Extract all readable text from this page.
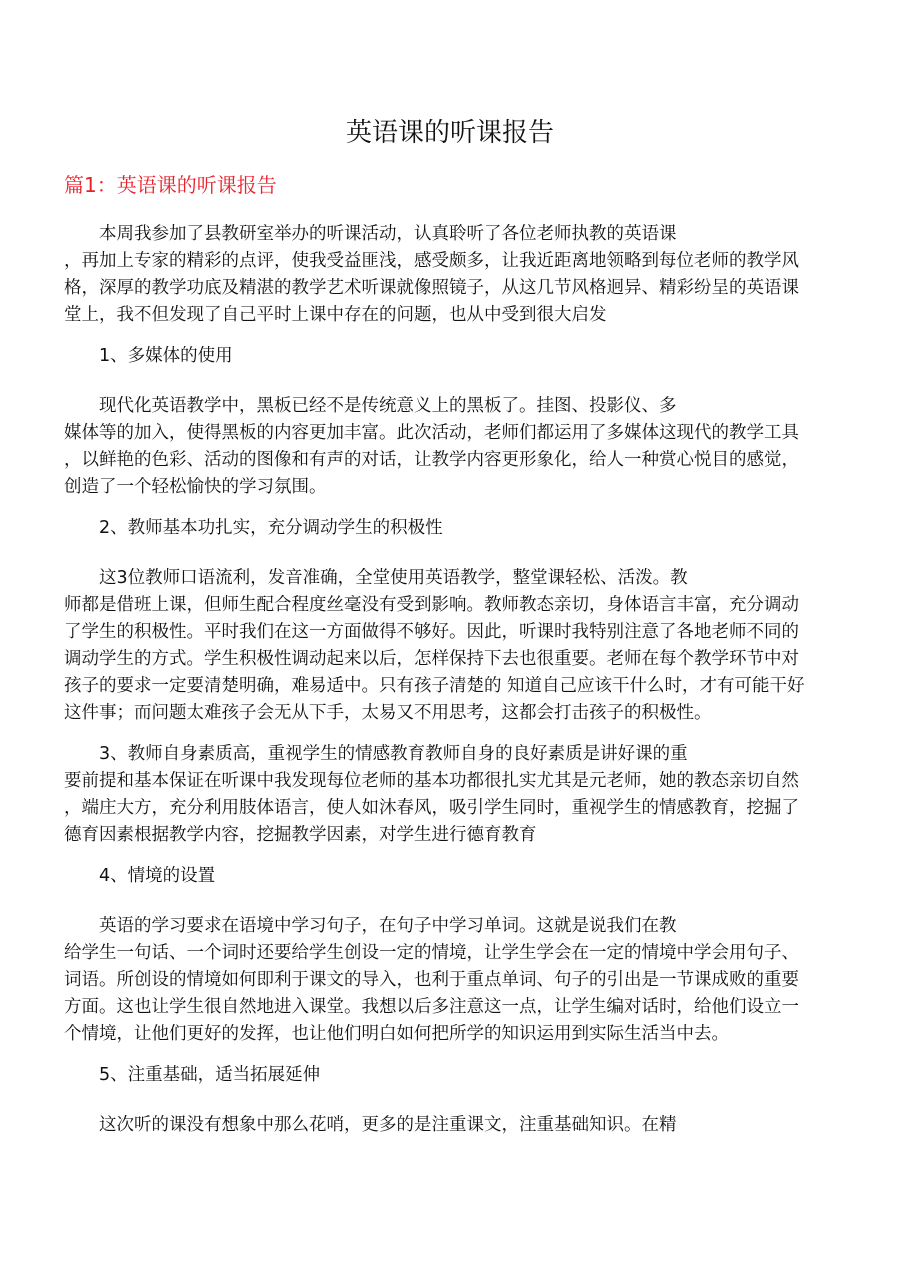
英语课的听课报告
篇1：英语课的听课报告
本周我参加了县教研室举办的听课活动，认真聆听了各位老师执教的英语课
，再加上专家的精彩的点评，使我受益匪浅，感受颇多，让我近距离地领略到每位老师的教学风
格，深厚的教学功底及精湛的教学艺术听课就像照镜子，从这几节风格迥异、精彩纷呈的英语课
堂上，我不但发现了自己平时上课中存在的问题，也从中受到很大启发
1、多媒体的使用
现代化英语教学中，黑板已经不是传统意义上的黑板了。挂图、投影仪、多
媒体等的加入，使得黑板的内容更加丰富。此次活动，老师们都运用了多媒体这现代的教学工具
，以鲜艳的色彩、活动的图像和有声的对话，让教学内容更形象化，给人一种赏心悦目的感觉，
创造了一个轻松愉快的学习氛围。
2、教师基本功扎实，充分调动学生的积极性
这3位教师口语流利，发音准确，全堂使用英语教学，整堂课轻松、活泼。教
师都是借班上课，但师生配合程度丝毫没有受到影响。教师教态亲切，身体语言丰富，充分调动
了学生的积极性。平时我们在这一方面做得不够好。因此，听课时我特别注意了各地老师不同的
调动学生的方式。学生积极性调动起来以后，怎样保持下去也很重要。老师在每个教学环节中对
孩子的要求一定要清楚明确，难易适中。只有孩子清楚的 知道自己应该干什么时，才有可能干好
这件事；而问题太难孩子会无从下手，太易又不用思考，这都会打击孩子的积极性。
3、教师自身素质高，重视学生的情感教育教师自身的良好素质是讲好课的重
要前提和基本保证在听课中我发现每位老师的基本功都很扎实尤其是元老师，她的教态亲切自然
，端庄大方，充分利用肢体语言，使人如沐春风，吸引学生同时，重视学生的情感教育，挖掘了
德育因素根据教学内容，挖掘教学因素，对学生进行德育教育
4、情境的设置
英语的学习要求在语境中学习句子，在句子中学习单词。这就是说我们在教
给学生一句话、一个词时还要给学生创设一定的情境，让学生学会在一定的情境中学会用句子、
词语。所创设的情境如何即利于课文的导入，也利于重点单词、句子的引出是一节课成败的重要
方面。这也让学生很自然地进入课堂。我想以后多注意这一点，让学生编对话时，给他们设立一
个情境，让他们更好的发挥，也让他们明白如何把所学的知识运用到实际生活当中去。
5、注重基础，适当拓展延伸
这次听的课没有想象中那么花哨，更多的是注重课文，注重基础知识。在精
